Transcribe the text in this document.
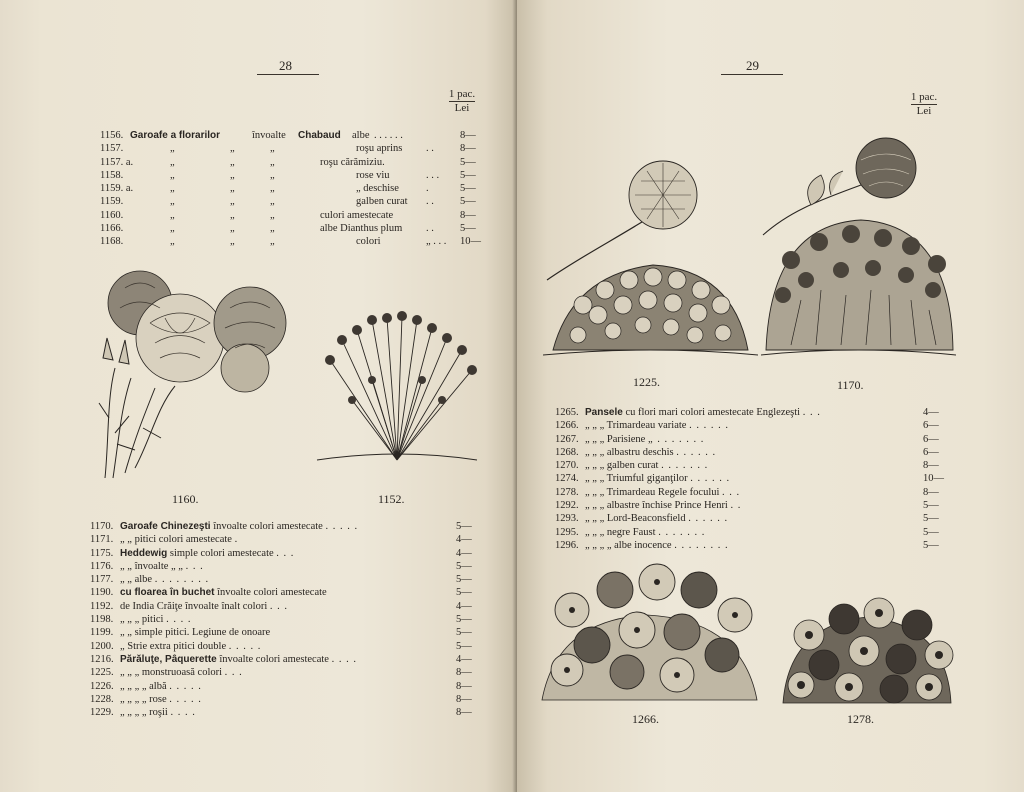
28
1 pac.
Lei
1156. Garoafe a florarilor	învoalte Chabaud albe . . . . . .	8—
1157.	„	„	„	roşu aprins . . 8—
1157. a.	„	„	„	roşu cărămiziu.	5—
1158.	„	„	„	rose viu	. . . 5—
1159. a.	„	„	„	„ deschise	.	5—
1159.	„	„	„	galben curat . . 5—
1160.	„	„	„	culori amestecate	8—
1166.	„	„	„	albe Dianthus plum . . 5—
1168.	„	„	„	colori	„ . . . 10—
1160.	1152.
1170. Garoafe Chinezeşti învoalte colori amestecate . . . . .	5—
1171. „ „ pitici colori amestecate .	4—
1175. Heddewig simple colori amestecate . . .	4—
1176. „ „ învoalte „ „ . . .	5—
1177. „ „ albe . . . . . . . .	5—
1190. cu floarea în buchet învoalte colori amestecate	5—
1192. de India Crăiţe învoalte înalt colori . . .	4—
1198. „ „ „ pitici . . . .	5—
1199. „ „ simple pitici. Legiune de onoare	5—
1200. „ Strie extra pitici double . . . . .	5—
1216. Părăluţe, Pâquerette învoalte colori amestecate . . . .	4—
1225. „ „ „ monstruoasă colori . . .	8—
1226. „ „ „ „ albă . . . . .	8—
1228. „ „ „ „ rose . . . . .	8—
1229. „ „ „ „ roşii . . . .	8—
29
1 pac.
Lei
1225.	1170.
1265. Pansele cu flori mari colori amestecate Englezeşti . . .	4—
1266. „ „ „ Trimardeau variate . . . . . .	6—
1267. „ „ „ Parisiene „ . . . . . . .	6—
1268. „ „ „ albastru deschis . . . . . .	6—
1270. „ „ „ galben curat . . . . . . .	8—
1274. „ „ „ Triumful giganţilor . . . . . .	10—
1278. „ „ „ Trimardeau Regele focului . . .	8—
1292. „ „ „ albastre închise Prince Henri . .	5—
1293. „ „ „ Lord-Beaconsfield . . . . . .	5—
1295. „ „ „ negre Faust . . . . . . .	5—
1296. „ „ „ „ albe inocence . . . . . . . .	5—
1266.	1278.
